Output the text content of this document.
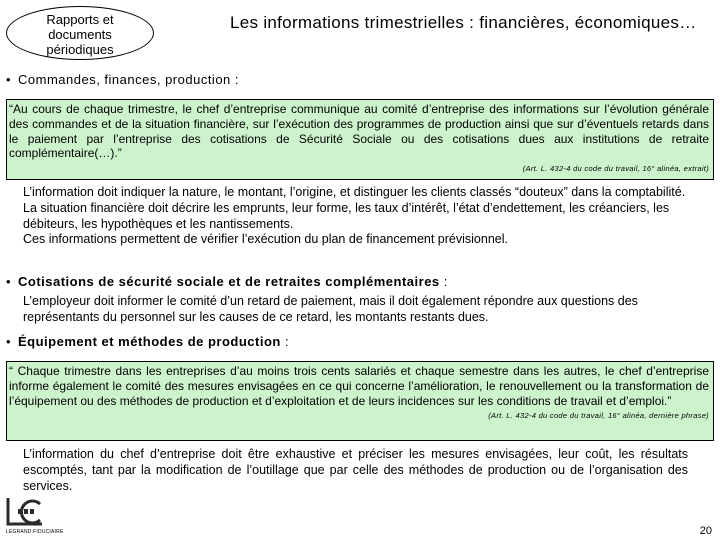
Rapports et
documents
périodiques
Les informations trimestrielles : financières, économiques…
• Commandes, finances, production :

“Au cours de chaque trimestre, le chef d’entreprise communique au comité d’entreprise des informations sur l’évolution générale des commandes et de la situation financière, sur l’exécution des programmes de production ainsi que sur d’éventuels retards dans le paiement par l’entreprise des cotisations de Sécurité Sociale ou des cotisations dues aux institutions de retraite complémentaire(…).”

(Art. L. 432-4 du code du travail, 16° alinéa, extrait)

L’information doit indiquer la nature, le montant, l’origine, et distinguer les clients classés “douteux” dans la comptabilité.

La situation financière doit décrire les emprunts, leur forme, les taux d’intérêt, l’état d’endettement, les créanciers, les débiteurs, les hypothèques et les nantissements.

Ces informations permettent de vérifier l’exécution du plan de financement prévisionnel.

• Cotisations de sécurité sociale et de retraites complémentaires :

L’employeur doit informer le comité d’un retard de paiement, mais il doit également répondre aux questions des représentants du personnel sur les causes de ce retard, les montants restants dues.

• Équipement et méthodes de production :

“ Chaque trimestre dans les entreprises d’au moins trois cents salariés et chaque semestre dans les autres, le chef d’entreprise informe également le comité des mesures envisagées en ce qui concerne l’amélioration, le renouvellement ou la transformation de l’équipement ou des méthodes de production et d’exploitation et de leurs incidences sur les conditions de travail et d’emploi.”

(Art. L. 432-4 du code du travail, 16° alinéa, dernière phrase)

L’information du chef d’entreprise doit être exhaustive et préciser les mesures envisagées, leur coût, les résultats escomptés, tant par la modification de l’outillage que par celle des méthodes de production ou de l’organisation des services.

LEGRAND FIDUCIAIRE	20
